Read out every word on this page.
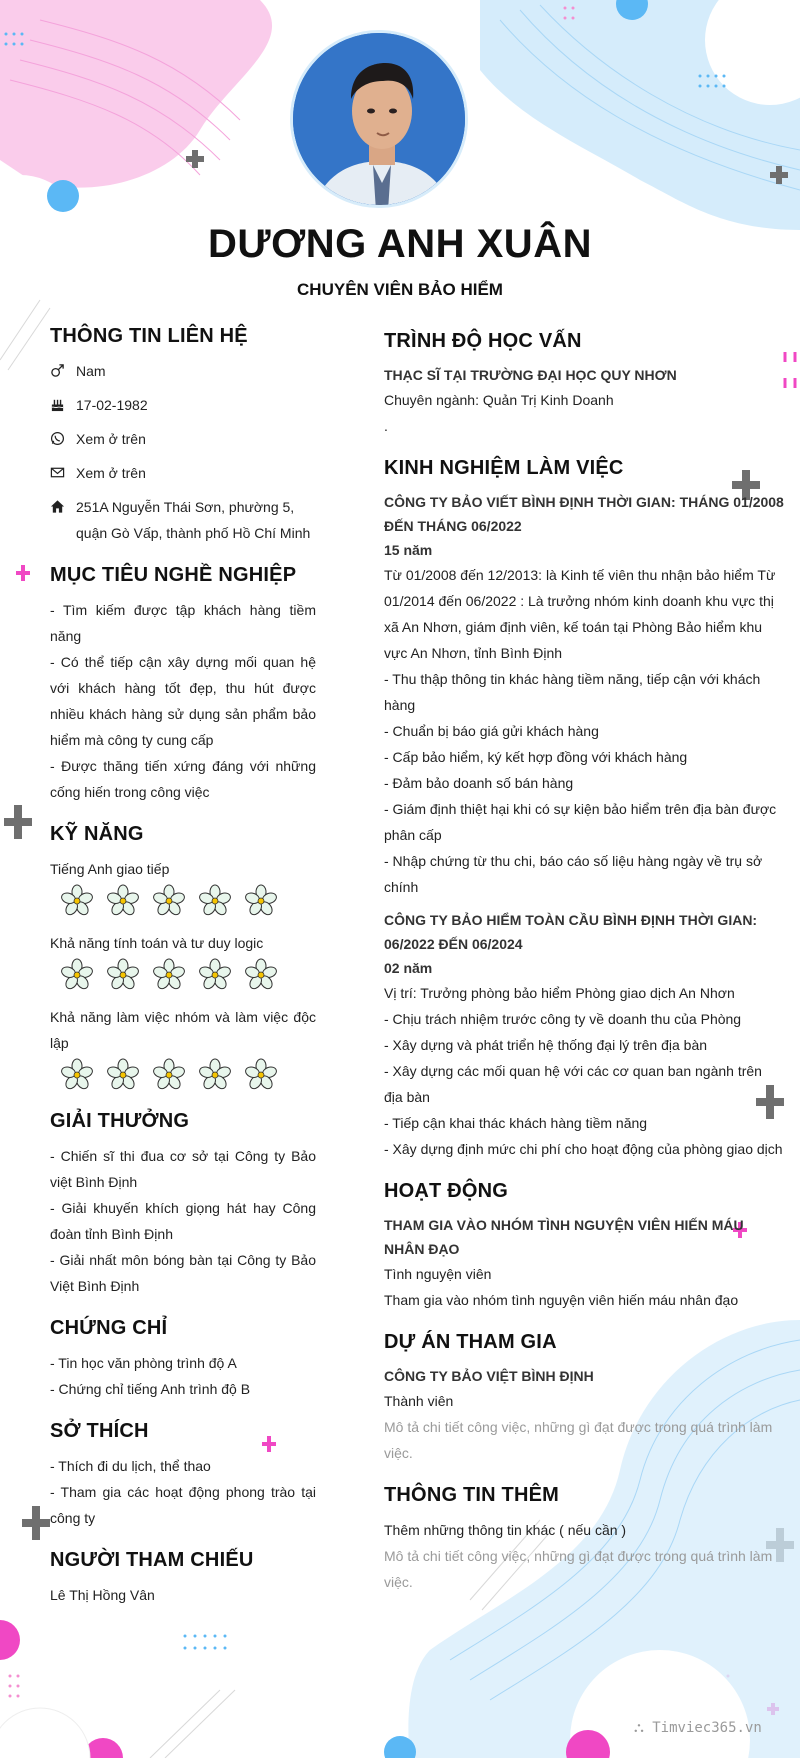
DƯƠNG ANH XUÂN
CHUYÊN VIÊN BẢO HIỂM
THÔNG TIN LIÊN HỆ
Nam
17-02-1982
Xem ở trên
Xem ở trên
251A Nguyễn Thái Sơn, phường 5, quận Gò Vấp, thành phố Hồ Chí Minh
MỤC TIÊU NGHỀ NGHIỆP
- Tìm kiếm được tập khách hàng tiềm năng
- Có thể tiếp cận xây dựng mối quan hệ với khách hàng tốt đẹp, thu hút được nhiều khách hàng sử dụng sản phẩm bảo hiểm mà công ty cung cấp
- Được thăng tiến xứng đáng với những cống hiến trong công việc
KỸ NĂNG
Tiếng Anh giao tiếp
Khả năng tính toán và tư duy logic
Khả năng làm việc nhóm và làm việc độc lập
GIẢI THƯỞNG
- Chiến sĩ thi đua cơ sở tại Công ty Bảo việt Bình Định
- Giải khuyến khích giọng hát hay Công đoàn tỉnh Bình Định
- Giải nhất môn bóng bàn tại Công ty Bảo Việt Bình Định
CHỨNG CHỈ
- Tin học văn phòng trình độ A
- Chứng chỉ tiếng Anh trình độ B
SỞ THÍCH
- Thích đi du lịch, thể thao
- Tham gia các hoạt động phong trào tại công ty
NGƯỜI THAM CHIẾU
Lê Thị Hồng Vân
TRÌNH ĐỘ HỌC VẤN
THẠC SĨ TẠI TRƯỜNG ĐẠI HỌC QUY NHƠN
Chuyên ngành: Quản Trị Kinh Doanh
.
KINH NGHIỆM LÀM VIỆC
CÔNG TY BẢO VIẾT BÌNH ĐỊNH THỜI GIAN: THÁNG 01/2008 ĐẾN THÁNG 06/2022
15 năm
Từ 01/2008 đến 12/2013: là Kinh tế viên thu nhận bảo hiểm Từ 01/2014 đến 06/2022 : Là trưởng nhóm kinh doanh khu vực thị xã An Nhơn, giám định viên, kế toán tại Phòng Bảo hiểm khu vực An Nhơn, tỉnh Bình Định
- Thu thập thông tin khác hàng tiềm năng, tiếp cận với khách hàng
- Chuẩn bị báo giá gửi khách hàng
- Cấp bảo hiểm, ký kết hợp đồng với khách hàng
- Đảm bảo doanh số bán hàng
- Giám định thiệt hại khi có sự kiện bảo hiểm trên địa bàn được phân cấp
- Nhập chứng từ thu chi, báo cáo số liệu hàng ngày về trụ sở chính
CÔNG TY BẢO HIỂM TOÀN CẦU BÌNH ĐỊNH THỜI GIAN: 06/2022 ĐẾN 06/2024
02 năm
Vị trí: Trưởng phòng bảo hiểm Phòng giao dịch An Nhơn
- Chịu trách nhiệm trước công ty về doanh thu của Phòng
- Xây dựng và phát triển hệ thống đại lý trên địa bàn
- Xây dựng các mối quan hệ với các cơ quan ban ngành trên địa bàn
- Tiếp cận khai thác khách hàng tiềm năng
- Xây dựng định mức chi phí cho hoạt động của phòng giao dịch
HOẠT ĐỘNG
THAM GIA VÀO NHÓM TÌNH NGUYỆN VIÊN HIẾN MÁU NHÂN ĐẠO
Tình nguyện viên
Tham gia vào nhóm tình nguyện viên hiến máu nhân đạo
DỰ ÁN THAM GIA
CÔNG TY BẢO VIỆT BÌNH ĐỊNH
Thành viên
Mô tả chi tiết công việc, những gì đạt được trong quá trình làm việc.
THÔNG TIN THÊM
Thêm những thông tin khác ( nếu cần )
Mô tả chi tiết công việc, những gì đạt được trong quá trình làm việc.
⛬ Timviec365.vn
